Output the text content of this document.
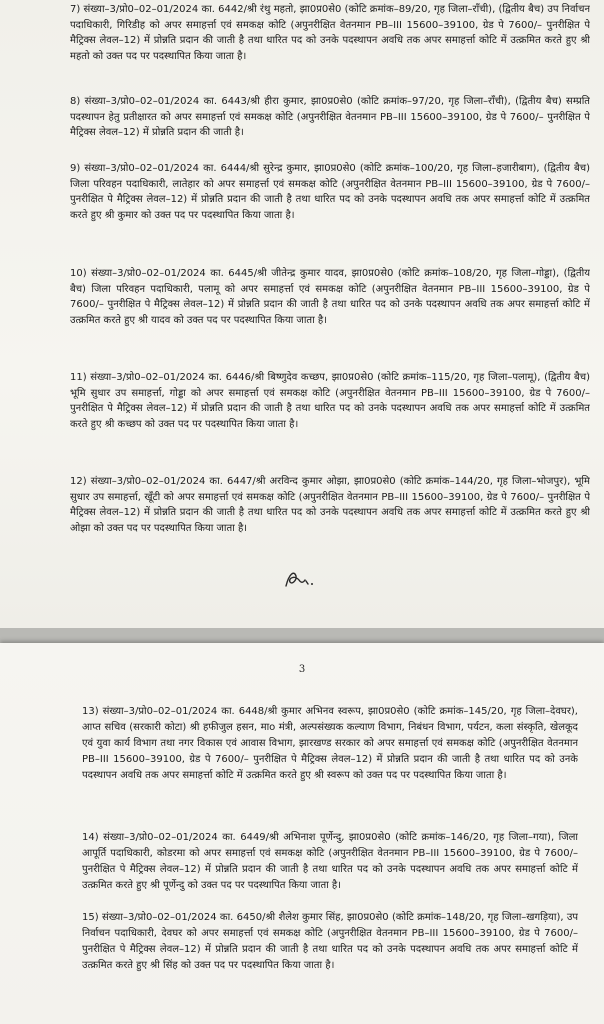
7) संख्या–3/प्रो0–02–01/2024 का. 6442/श्री रंथु महतो, झा0प्र0से0 (कोटि क्रमांक–89/20, गृह जिला–राँची), (द्वितीय बैच) उप निर्वाचन पदाधिकारी, गिरिडीह को अपर समाहर्त्ता एवं समकक्ष कोटि (अपुनरीक्षित वेतनमान PB–III 15600–39100, ग्रेड पे 7600/– पुनरीक्षित पे मैट्रिक्स लेवल–12) में प्रोन्नति प्रदान की जाती है तथा धारित पद को उनके पदस्थापन अवधि तक अपर समाहर्त्ता कोटि में उत्क्रमित करते हुए श्री महतो को उक्त पद पर पदस्थापित किया जाता है।

8) संख्या–3/प्रो0–02–01/2024 का. 6443/श्री हीरा कुमार, झा0प्र0से0 (कोटि क्रमांक–97/20, गृह जिला–राँची), (द्वितीय बैच) सम्प्रति पदस्थापन हेतु प्रतीक्षारत को अपर समाहर्त्ता एवं समकक्ष कोटि (अपुनरीक्षित वेतनमान PB–III 15600–39100, ग्रेड पे 7600/– पुनरीक्षित पे मैट्रिक्स लेवल–12) में प्रोन्नति प्रदान की जाती है।

9) संख्या–3/प्रो0–02–01/2024 का. 6444/श्री सुरेन्द्र कुमार, झा0प्र0से0 (कोटि क्रमांक–100/20, गृह जिला–हजारीबाग), (द्वितीय बैच) जिला परिवहन पदाधिकारी, लातेहार को अपर समाहर्त्ता एवं समकक्ष कोटि (अपुनरीक्षित वेतनमान PB–III 15600–39100, ग्रेड पे 7600/– पुनरीक्षित पे मैट्रिक्स लेवल–12) में प्रोन्नति प्रदान की जाती है तथा धारित पद को उनके पदस्थापन अवधि तक अपर समाहर्त्ता कोटि में उत्क्रमित करते हुए श्री कुमार को उक्त पद पर पदस्थापित किया जाता है।

10) संख्या–3/प्रो0–02–01/2024 का. 6445/श्री जीतेन्द्र कुमार यादव, झा0प्र0से0 (कोटि क्रमांक–108/20, गृह जिला–गोड्डा), (द्वितीय बैच) जिला परिवहन पदाधिकारी, पलामू को अपर समाहर्त्ता एवं समकक्ष कोटि (अपुनरीक्षित वेतनमान PB–III 15600–39100, ग्रेड पे 7600/– पुनरीक्षित पे मैट्रिक्स लेवल–12) में प्रोन्नति प्रदान की जाती है तथा धारित पद को उनके पदस्थापन अवधि तक अपर समाहर्त्ता कोटि में उत्क्रमित करते हुए श्री यादव को उक्त पद पर पदस्थापित किया जाता है।

11) संख्या–3/प्रो0–02–01/2024 का. 6446/श्री बिष्णुदेव कच्छप, झा0प्र0से0 (कोटि क्रमांक–115/20, गृह जिला–पलामू), (द्वितीय बैच) भूमि सुधार उप समाहर्त्ता, गोड्डा को अपर समाहर्त्ता एवं समकक्ष कोटि (अपुनरीक्षित वेतनमान PB–III 15600–39100, ग्रेड पे 7600/– पुनरीक्षित पे मैट्रिक्स लेवल–12) में प्रोन्नति प्रदान की जाती है तथा धारित पद को उनके पदस्थापन अवधि तक अपर समाहर्त्ता कोटि में उत्क्रमित करते हुए श्री कच्छप को उक्त पद पर पदस्थापित किया जाता है।

12) संख्या–3/प्रो0–02–01/2024 का. 6447/श्री अरविन्द कुमार ओझा, झा0प्र0से0 (कोटि क्रमांक–144/20, गृह जिला–भोजपुर), भूमि सुधार उप समाहर्त्ता, खूँटी को अपर समाहर्त्ता एवं समकक्ष कोटि (अपुनरीक्षित वेतनमान PB–III 15600–39100, ग्रेड पे 7600/– पुनरीक्षित पे मैट्रिक्स लेवल–12) में प्रोन्नति प्रदान की जाती है तथा धारित पद को उनके पदस्थापन अवधि तक अपर समाहर्त्ता कोटि में उत्क्रमित करते हुए श्री ओझा को उक्त पद पर पदस्थापित किया जाता है।

3

13) संख्या–3/प्रो0–02–01/2024 का. 6448/श्री कुमार अभिनव स्वरूप, झा0प्र0से0 (कोटि क्रमांक–145/20, गृह जिला–देवघर), आप्त सचिव (सरकारी कोटा) श्री हफीजुल हसन, माo मंत्री, अल्पसंख्यक कल्याण विभाग, निबंधन विभाग, पर्यटन, कला संस्कृति, खेलकूद एवं युवा कार्य विभाग तथा नगर विकास एवं आवास विभाग, झारखण्ड सरकार को अपर समाहर्त्ता एवं समकक्ष कोटि (अपुनरीक्षित वेतनमान PB–III 15600–39100, ग्रेड पे 7600/– पुनरीक्षित पे मैट्रिक्स लेवल–12) में प्रोन्नति प्रदान की जाती है तथा धारित पद को उनके पदस्थापन अवधि तक अपर समाहर्त्ता कोटि में उत्क्रमित करते हुए श्री स्वरूप को उक्त पद पर पदस्थापित किया जाता है।

14) संख्या–3/प्रो0–02–01/2024 का. 6449/श्री अभिनाश पूर्णेन्दु, झा0प्र0से0 (कोटि क्रमांक–146/20, गृह जिला–गया), जिला आपूर्ति पदाधिकारी, कोडरमा को अपर समाहर्त्ता एवं समकक्ष कोटि (अपुनरीक्षित वेतनमान PB–III 15600–39100, ग्रेड पे 7600/– पुनरीक्षित पे मैट्रिक्स लेवल–12) में प्रोन्नति प्रदान की जाती है तथा धारित पद को उनके पदस्थापन अवधि तक अपर समाहर्त्ता कोटि में उत्क्रमित करते हुए श्री पूर्णेन्दु को उक्त पद पर पदस्थापित किया जाता है।

15) संख्या–3/प्रो0–02–01/2024 का. 6450/श्री शैलेश कुमार सिंह, झा0प्र0से0 (कोटि क्रमांक–148/20, गृह जिला–खगड़िया), उप निर्वाचन पदाधिकारी, देवघर को अपर समाहर्त्ता एवं समकक्ष कोटि (अपुनरीक्षित वेतनमान PB–III 15600–39100, ग्रेड पे 7600/– पुनरीक्षित पे मैट्रिक्स लेवल–12) में प्रोन्नति प्रदान की जाती है तथा धारित पद को उनके पदस्थापन अवधि तक अपर समाहर्त्ता कोटि में उत्क्रमित करते हुए श्री सिंह को उक्त पद पर पदस्थापित किया जाता है।
